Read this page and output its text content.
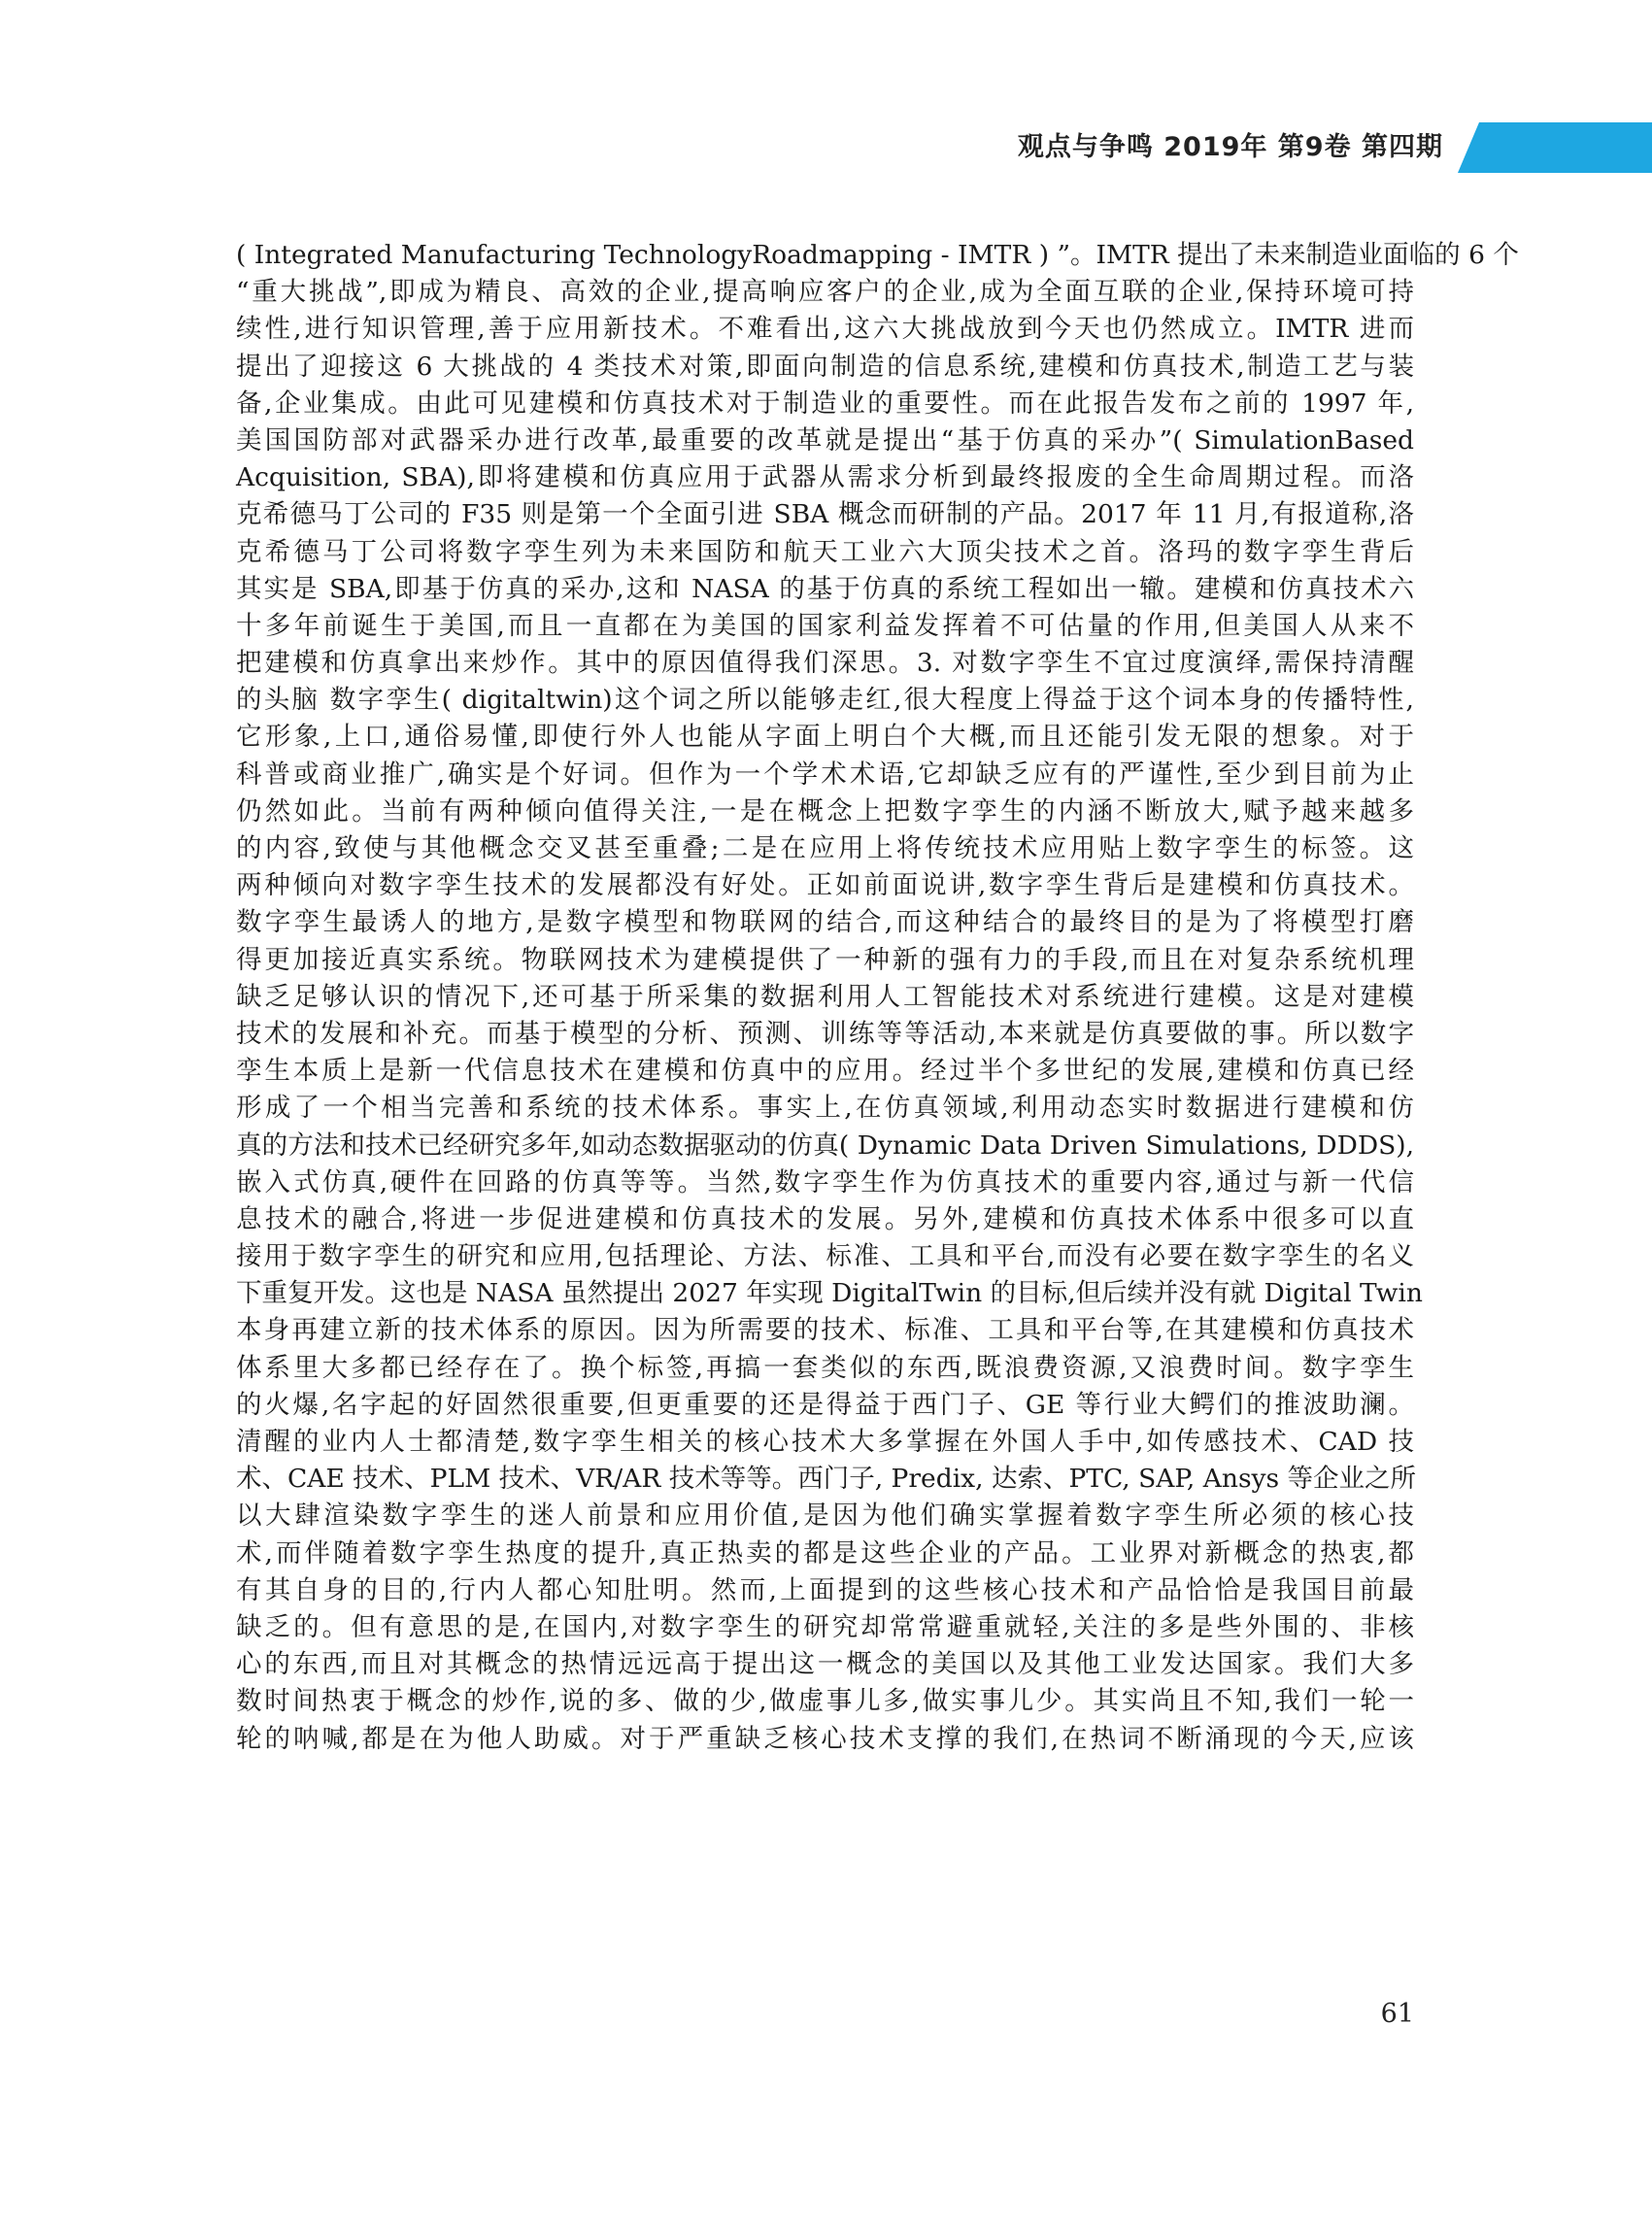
观点与争鸣 2019年 第9卷 第四期
( Integrated Manufacturing TechnologyRoadmapping - IMTR ) ”。IMTR 提出了未来制造业面临的 6 个
“重大挑战”,即成为精良、高效的企业,提高响应客户的企业,成为全面互联的企业,保持环境可持
续性,进行知识管理,善于应用新技术。不难看出,这六大挑战放到今天也仍然成立。IMTR 进而
提出了迎接这 6 大挑战的 4 类技术对策,即面向制造的信息系统,建模和仿真技术,制造工艺与装
备,企业集成。由此可见建模和仿真技术对于制造业的重要性。而在此报告发布之前的 1997 年,
美国国防部对武器采办进行改革,最重要的改革就是提出“基于仿真的采办”( SimulationBased
Acquisition, SBA),即将建模和仿真应用于武器从需求分析到最终报废的全生命周期过程。而洛
克希德马丁公司的 F35 则是第一个全面引进 SBA 概念而研制的产品。2017 年 11 月,有报道称,洛
克希德马丁公司将数字孪生列为未来国防和航天工业六大顶尖技术之首。洛玛的数字孪生背后
其实是 SBA,即基于仿真的采办,这和 NASA 的基于仿真的系统工程如出一辙。建模和仿真技术六
十多年前诞生于美国,而且一直都在为美国的国家利益发挥着不可估量的作用,但美国人从来不
把建模和仿真拿出来炒作。其中的原因值得我们深思。3. 对数字孪生不宜过度演绎,需保持清醒
的头脑 数字孪生( digitaltwin)这个词之所以能够走红,很大程度上得益于这个词本身的传播特性,
它形象,上口,通俗易懂,即使行外人也能从字面上明白个大概,而且还能引发无限的想象。对于
科普或商业推广,确实是个好词。但作为一个学术术语,它却缺乏应有的严谨性,至少到目前为止
仍然如此。当前有两种倾向值得关注,一是在概念上把数字孪生的内涵不断放大,赋予越来越多
的内容,致使与其他概念交叉甚至重叠;二是在应用上将传统技术应用贴上数字孪生的标签。这
两种倾向对数字孪生技术的发展都没有好处。正如前面说讲,数字孪生背后是建模和仿真技术。
数字孪生最诱人的地方,是数字模型和物联网的结合,而这种结合的最终目的是为了将模型打磨
得更加接近真实系统。物联网技术为建模提供了一种新的强有力的手段,而且在对复杂系统机理
缺乏足够认识的情况下,还可基于所采集的数据利用人工智能技术对系统进行建模。这是对建模
技术的发展和补充。而基于模型的分析、预测、训练等等活动,本来就是仿真要做的事。所以数字
孪生本质上是新一代信息技术在建模和仿真中的应用。经过半个多世纪的发展,建模和仿真已经
形成了一个相当完善和系统的技术体系。事实上,在仿真领域,利用动态实时数据进行建模和仿
真的方法和技术已经研究多年,如动态数据驱动的仿真( Dynamic Data Driven Simulations, DDDS),
嵌入式仿真,硬件在回路的仿真等等。当然,数字孪生作为仿真技术的重要内容,通过与新一代信
息技术的融合,将进一步促进建模和仿真技术的发展。另外,建模和仿真技术体系中很多可以直
接用于数字孪生的研究和应用,包括理论、方法、标准、工具和平台,而没有必要在数字孪生的名义
下重复开发。这也是 NASA 虽然提出 2027 年实现 DigitalTwin 的目标,但后续并没有就 Digital Twin
本身再建立新的技术体系的原因。因为所需要的技术、标准、工具和平台等,在其建模和仿真技术
体系里大多都已经存在了。换个标签,再搞一套类似的东西,既浪费资源,又浪费时间。数字孪生
的火爆,名字起的好固然很重要,但更重要的还是得益于西门子、GE 等行业大鳄们的推波助澜。
清醒的业内人士都清楚,数字孪生相关的核心技术大多掌握在外国人手中,如传感技术、CAD 技
术、CAE 技术、PLM 技术、VR/AR 技术等等。西门子, Predix, 达索、PTC, SAP, Ansys 等企业之所
以大肆渲染数字孪生的迷人前景和应用价值,是因为他们确实掌握着数字孪生所必须的核心技
术,而伴随着数字孪生热度的提升,真正热卖的都是这些企业的产品。工业界对新概念的热衷,都
有其自身的目的,行内人都心知肚明。然而,上面提到的这些核心技术和产品恰恰是我国目前最
缺乏的。但有意思的是,在国内,对数字孪生的研究却常常避重就轻,关注的多是些外围的、非核
心的东西,而且对其概念的热情远远高于提出这一概念的美国以及其他工业发达国家。我们大多
数时间热衷于概念的炒作,说的多、做的少,做虚事儿多,做实事儿少。其实尚且不知,我们一轮一
轮的呐喊,都是在为他人助威。对于严重缺乏核心技术支撑的我们,在热词不断涌现的今天,应该
61
